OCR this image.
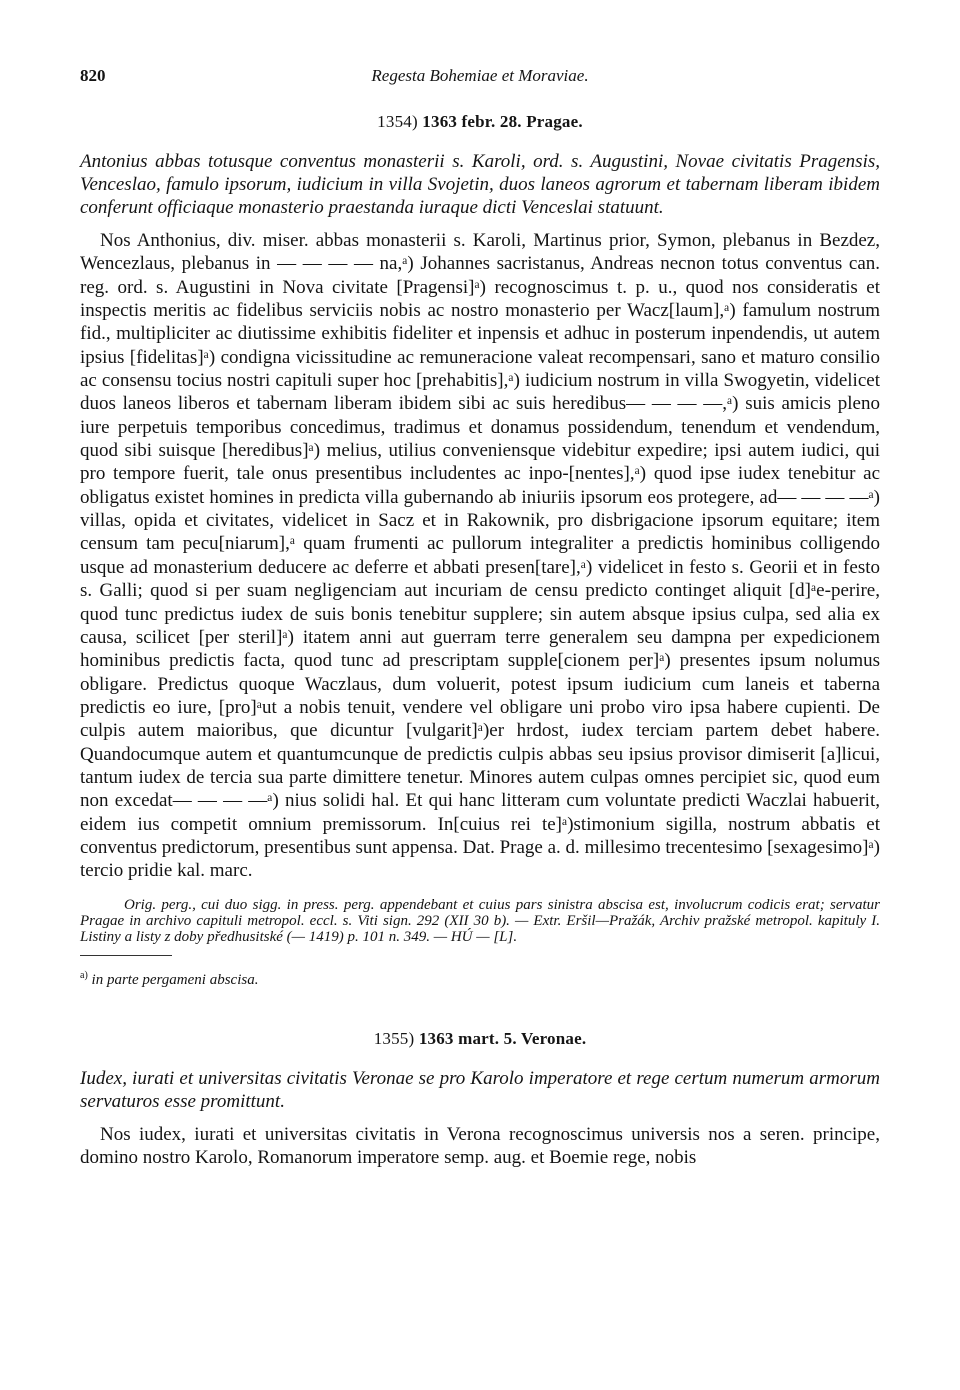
820	Regesta Bohemiae et Moraviae.
1354) 1363 febr. 28. Pragae.

Antonius abbas totusque conventus monasterii s. Karoli, ord. s. Augustini, Novae civitatis Pragensis, Venceslao, famulo ipsorum, iudicium in villa Svojetin, duos laneos agrorum et tabernam liberam ibidem conferunt officiaque monasterio praestanda iuraque dicti Venceslai statuunt.

Nos Anthonius, div. miser. abbas monasterii s. Karoli, Martinus prior, Symon, plebanus in Bezdez, Wencezlaus, plebanus in — — — — na,ᵃ) Johannes sacristanus, Andreas necnon totus conventus can. reg. ord. s. Augustini in Nova civitate [Pragensi]ᵃ) recognoscimus t. p. u., quod nos consideratis et inspectis meritis ac fidelibus serviciis nobis ac nostro monasterio per Wacz[laum],ᵃ) famulum nostrum fid., multipliciter ac diutissime exhibitis fideliter et inpensis et adhuc in posterum inpendendis, ut autem ipsius [fidelitas]ᵃ) condigna vicissitudine ac remuneracione valeat recompensari, sano et maturo consilio ac consensu tocius nostri capituli super hoc [prehabitis],ᵃ) iudicium nostrum in villa Swogyetin, videlicet duos laneos liberos et tabernam liberam ibidem sibi ac suis heredibus— — — —,ᵃ) suis amicis pleno iure perpetuis temporibus concedimus, tradimus et donamus possidendum, tenendum et vendendum, quod sibi suisque [heredibus]ᵃ) melius, utilius conveniensque videbitur expedire; ipsi autem iudici, qui pro tempore fuerit, tale onus presentibus includentes ac inpo-[nentes],ᵃ) quod ipse iudex tenebitur ac obligatus existet homines in predicta villa gubernando ab iniuriis ipsorum eos protegere, ad— — — —ᵃ) villas, opida et civitates, videlicet in Sacz et in Rakownik, pro disbrigacione ipsorum equitare; item censum tam pecu[niarum],ᵃ quam frumenti ac pullorum integraliter a predictis hominibus colligendo usque ad monasterium deducere ac deferre et abbati presen[tare],ᵃ) videlicet in festo s. Georii et in festo s. Galli; quod si per suam negligenciam aut incuriam de censu predicto continget aliquit [d]ᵃe-perire, quod tunc predictus iudex de suis bonis tenebitur supplere; sin autem absque ipsius culpa, sed alia ex causa, scilicet [per steril]ᵃ) itatem anni aut guerram terre generalem seu dampna per expedicionem hominibus predictis facta, quod tunc ad prescriptam supple[cionem per]ᵃ) presentes ipsum nolumus obligare. Predictus quoque Waczlaus, dum voluerit, potest ipsum iudicium cum laneis et taberna predictis eo iure, [pro]ᵃut a nobis tenuit, vendere vel obligare uni probo viro ipsa habere cupienti. De culpis autem maioribus, que dicuntur [vulgarit]ᵃ)er hrdost, iudex terciam partem debet habere. Quandocumque autem et quantumcunque de predictis culpis abbas seu ipsius provisor dimiserit [a]licui, tantum iudex de tercia sua parte dimittere tenetur. Minores autem culpas omnes percipiet sic, quod eum non excedat— — — —ᵃ) nius solidi hal. Et qui hanc litteram cum voluntate predicti Waczlai habuerit, eidem ius competit omnium premissorum. In[cuius rei te]ᵃ)stimonium sigilla, nostrum abbatis et conventus predictorum, presentibus sunt appensa. Dat. Prage a. d. millesimo trecentesimo [sexagesimo]ᵃ) tercio pridie kal. marc.

Orig. perg., cui duo sigg. in press. perg. appendebant et cuius pars sinistra abscisa est, involucrum codicis erat; servatur Pragae in archivo capituli metropol. eccl. s. Viti sign. 292 (XII 30 b). — Extr. Eršil—Pražák, Archiv pražské metropol. kapituly I. Listiny a listy z doby předhusitské (— 1419) p. 101 n. 349. — HÚ — [L].

$^{a)}$ in parte pergameni abscisa.

1355) 1363 mart. 5. Veronae.

Iudex, iurati et universitas civitatis Veronae se pro Karolo imperatore et rege certum numerum armorum servaturos esse promittunt.

Nos iudex, iurati et universitas civitatis in Verona recognoscimus universis nos a seren. principe, domino nostro Karolo, Romanorum imperatore semp. aug. et Boemie rege, nobis
